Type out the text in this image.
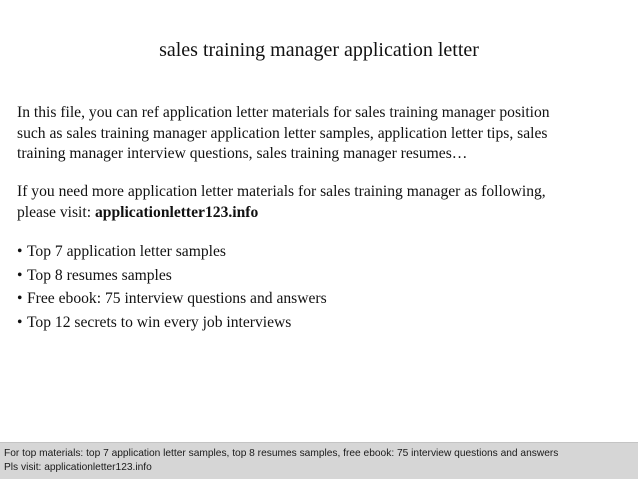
sales training manager application letter

In this file, you can ref application letter materials for sales training manager position
such as sales training manager application letter samples, application letter tips, sales
training manager interview questions, sales training manager resumes…

If you need more application letter materials for sales training manager as following,
please visit: applicationletter123.info

• Top 7 application letter samples
• Top 8 resumes samples
• Free ebook: 75 interview questions and answers
• Top 12 secrets to win every job interviews
For top materials: top 7 application letter samples, top 8 resumes samples, free ebook: 75 interview questions and answers
Pls visit: applicationletter123.info
